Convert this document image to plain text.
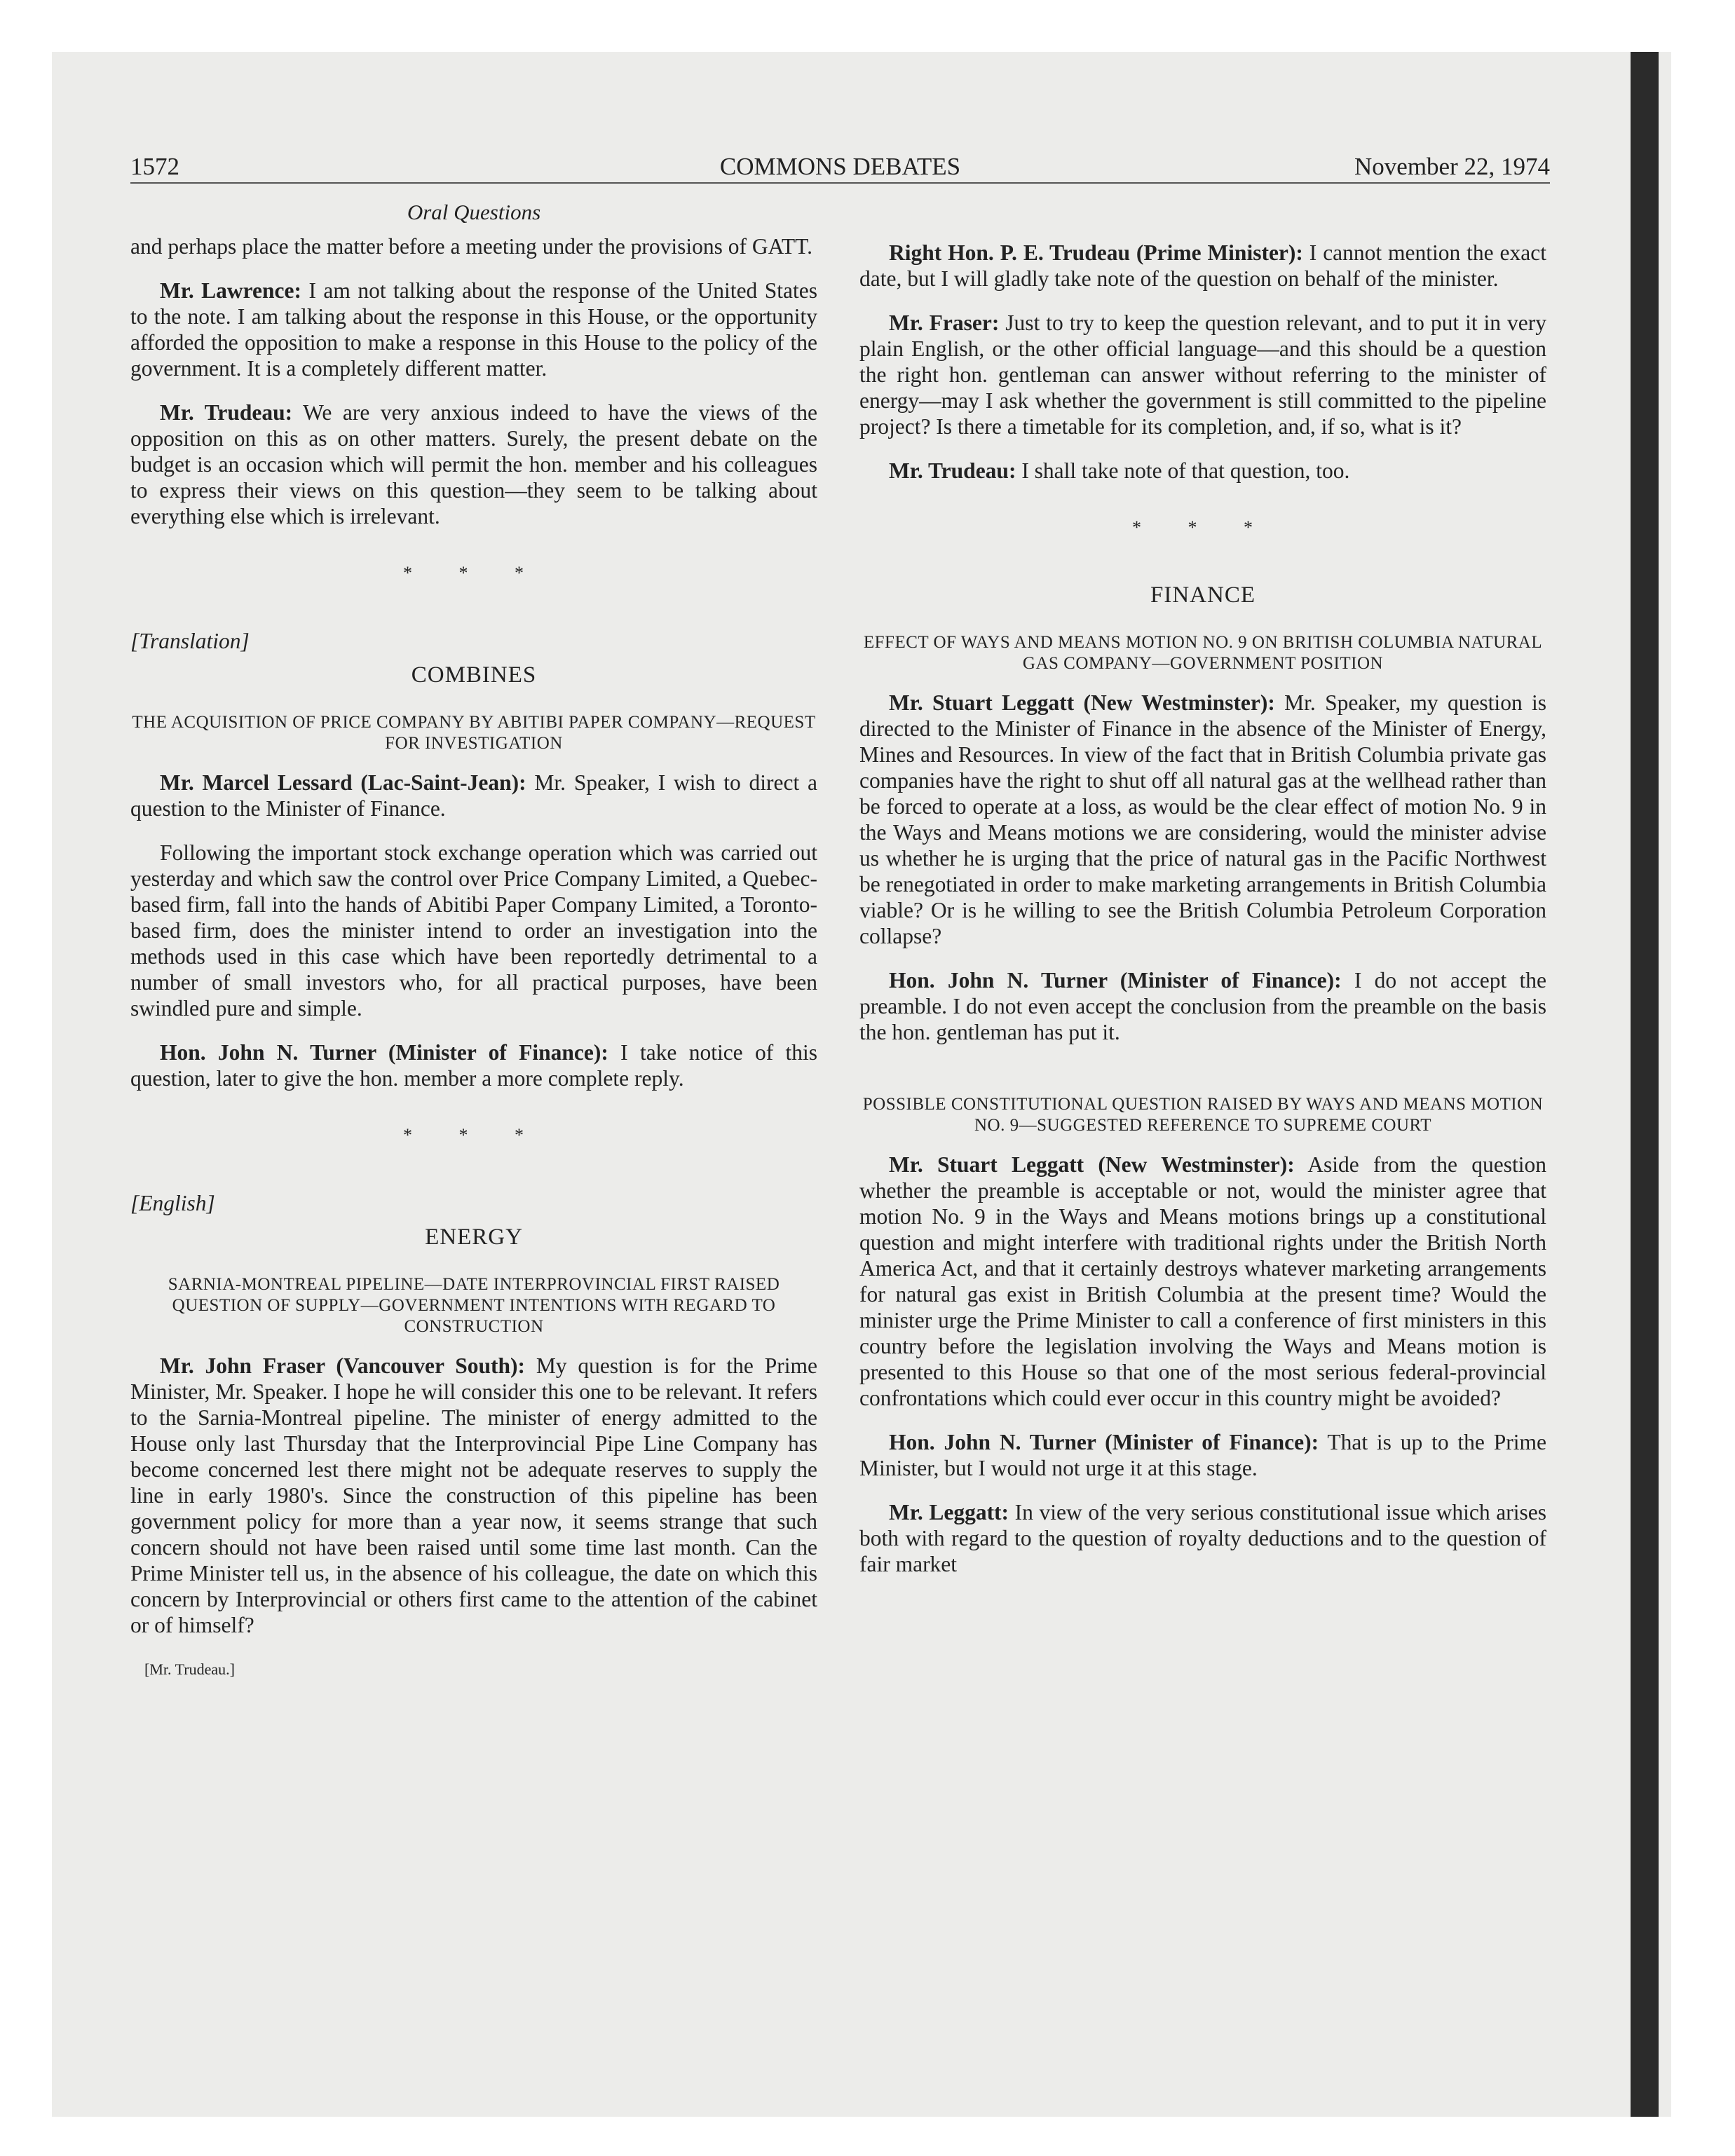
1572	COMMONS DEBATES	November 22, 1974
Oral Questions

and perhaps place the matter before a meeting under the provisions of GATT.

Mr. Lawrence: I am not talking about the response of the United States to the note. I am talking about the response in this House, or the opportunity afforded the opposition to make a response in this House to the policy of the government. It is a completely different matter.

Mr. Trudeau: We are very anxious indeed to have the views of the opposition on this as on other matters. Surely, the present debate on the budget is an occasion which will permit the hon. member and his colleagues to express their views on this question—they seem to be talking about everything else which is irrelevant.

* * *
[Translation]
COMBINES
THE ACQUISITION OF PRICE COMPANY BY ABITIBI PAPER COMPANY—REQUEST FOR INVESTIGATION

Mr. Marcel Lessard (Lac-Saint-Jean): Mr. Speaker, I wish to direct a question to the Minister of Finance.

Following the important stock exchange operation which was carried out yesterday and which saw the control over Price Company Limited, a Quebec-based firm, fall into the hands of Abitibi Paper Company Limited, a Toronto-based firm, does the minister intend to order an investigation into the methods used in this case which have been reportedly detrimental to a number of small investors who, for all practical purposes, have been swindled pure and simple.

Hon. John N. Turner (Minister of Finance): I take notice of this question, later to give the hon. member a more complete reply.

* * *
[English]
ENERGY
SARNIA-MONTREAL PIPELINE—DATE INTERPROVINCIAL FIRST RAISED QUESTION OF SUPPLY—GOVERNMENT INTENTIONS WITH REGARD TO CONSTRUCTION

Mr. John Fraser (Vancouver South): My question is for the Prime Minister, Mr. Speaker. I hope he will consider this one to be relevant. It refers to the Sarnia-Montreal pipeline. The minister of energy admitted to the House only last Thursday that the Interprovincial Pipe Line Company has become concerned lest there might not be adequate reserves to supply the line in early 1980's. Since the construction of this pipeline has been government policy for more than a year now, it seems strange that such concern should not have been raised until some time last month. Can the Prime Minister tell us, in the absence of his colleague, the date on which this concern by Interprovincial or others first came to the attention of the cabinet or of himself?

[Mr. Trudeau.]

Right Hon. P. E. Trudeau (Prime Minister): I cannot mention the exact date, but I will gladly take note of the question on behalf of the minister.

Mr. Fraser: Just to try to keep the question relevant, and to put it in very plain English, or the other official language—and this should be a question the right hon. gentleman can answer without referring to the minister of energy—may I ask whether the government is still committed to the pipeline project? Is there a timetable for its completion, and, if so, what is it?

Mr. Trudeau: I shall take note of that question, too.

* * *
FINANCE
EFFECT OF WAYS AND MEANS MOTION NO. 9 ON BRITISH COLUMBIA NATURAL GAS COMPANY—GOVERNMENT POSITION

Mr. Stuart Leggatt (New Westminster): Mr. Speaker, my question is directed to the Minister of Finance in the absence of the Minister of Energy, Mines and Resources. In view of the fact that in British Columbia private gas companies have the right to shut off all natural gas at the wellhead rather than be forced to operate at a loss, as would be the clear effect of motion No. 9 in the Ways and Means motions we are considering, would the minister advise us whether he is urging that the price of natural gas in the Pacific Northwest be renegotiated in order to make marketing arrangements in British Columbia viable? Or is he willing to see the British Columbia Petroleum Corporation collapse?

Hon. John N. Turner (Minister of Finance): I do not accept the preamble. I do not even accept the conclusion from the preamble on the basis the hon. gentleman has put it.

POSSIBLE CONSTITUTIONAL QUESTION RAISED BY WAYS AND MEANS MOTION NO. 9—SUGGESTED REFERENCE TO SUPREME COURT

Mr. Stuart Leggatt (New Westminster): Aside from the question whether the preamble is acceptable or not, would the minister agree that motion No. 9 in the Ways and Means motions brings up a constitutional question and might interfere with traditional rights under the British North America Act, and that it certainly destroys whatever marketing arrangements for natural gas exist in British Columbia at the present time? Would the minister urge the Prime Minister to call a conference of first ministers in this country before the legislation involving the Ways and Means motion is presented to this House so that one of the most serious federal-provincial confrontations which could ever occur in this country might be avoided?

Hon. John N. Turner (Minister of Finance): That is up to the Prime Minister, but I would not urge it at this stage.

Mr. Leggatt: In view of the very serious constitutional issue which arises both with regard to the question of royalty deductions and to the question of fair market
